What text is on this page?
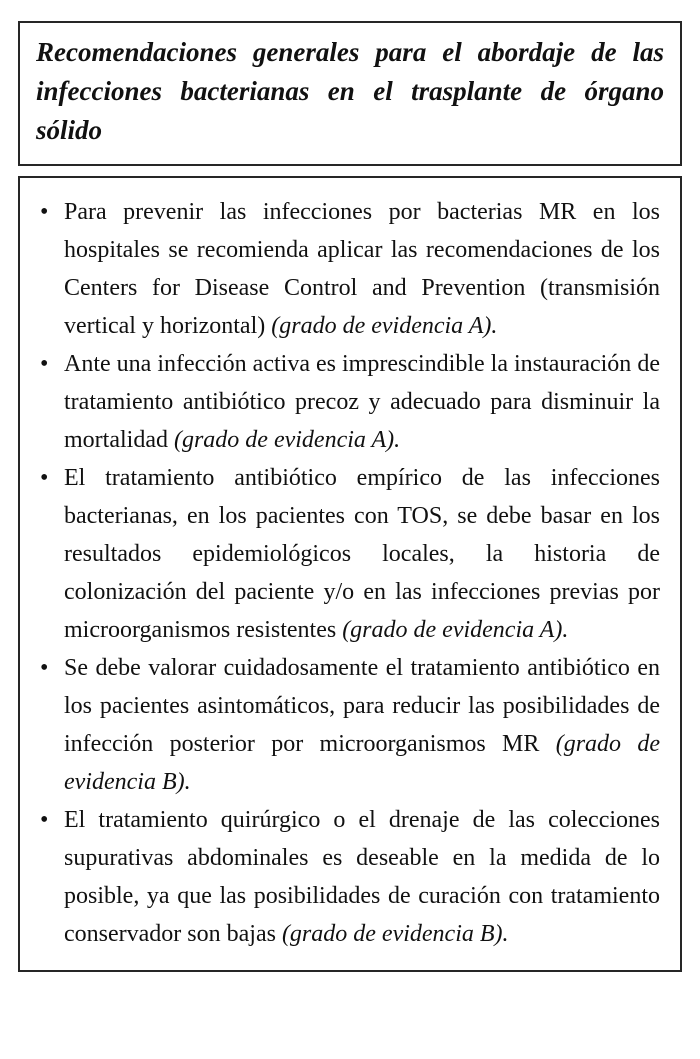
Recomendaciones generales para el abordaje de las infecciones bacterianas en el trasplante de órgano sólido
• Para prevenir las infecciones por bacterias MR en los hospitales se recomienda aplicar las recomendaciones de los Centers for Disease Control and Prevention (transmisión vertical y horizontal) (grado de evidencia A).
• Ante una infección activa es imprescindible la instauración de tratamiento antibiótico precoz y adecuado para disminuir la mortalidad (grado de evidencia A).
• El tratamiento antibiótico empírico de las infecciones bacterianas, en los pacientes con TOS, se debe basar en los resultados epidemiológicos locales, la historia de colonización del paciente y/o en las infecciones previas por microorganismos resistentes (grado de evidencia A).
• Se debe valorar cuidadosamente el tratamiento antibiótico en los pacientes asintomáticos, para reducir las posibilidades de infección posterior por microorganismos MR (grado de evidencia B).
• El tratamiento quirúrgico o el drenaje de las colecciones supurativas abdominales es deseable en la medida de lo posible, ya que las posibilidades de curación con tratamiento conservador son bajas (grado de evidencia B).
